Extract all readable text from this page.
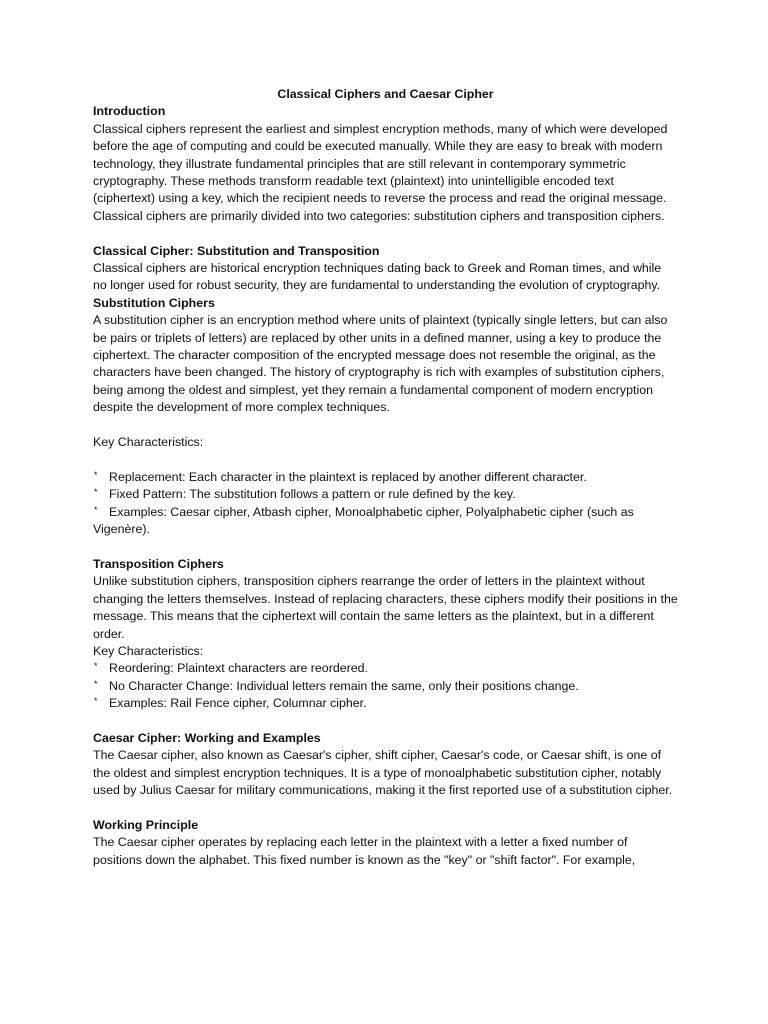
Classical Ciphers and Caesar Cipher

Introduction

Classical ciphers represent the earliest and simplest encryption methods, many of which were developed before the age of computing and could be executed manually. While they are easy to break with modern technology, they illustrate fundamental principles that are still relevant in contemporary symmetric cryptography. These methods transform readable text (plaintext) into unintelligible encoded text (ciphertext) using a key, which the recipient needs to reverse the process and read the original message. Classical ciphers are primarily divided into two categories: substitution ciphers and transposition ciphers.

Classical Cipher: Substitution and Transposition

Classical ciphers are historical encryption techniques dating back to Greek and Roman times, and while no longer used for robust security, they are fundamental to understanding the evolution of cryptography.

Substitution Ciphers

A substitution cipher is an encryption method where units of plaintext (typically single letters, but can also be pairs or triplets of letters) are replaced by other units in a defined manner, using a key to produce the ciphertext. The character composition of the encrypted message does not resemble the original, as the characters have been changed. The history of cryptography is rich with examples of substitution ciphers, being among the oldest and simplest, yet they remain a fundamental component of modern encryption despite the development of more complex techniques.

Key Characteristics:

* Replacement: Each character in the plaintext is replaced by another different character.
* Fixed Pattern: The substitution follows a pattern or rule defined by the key.
* Examples: Caesar cipher, Atbash cipher, Monoalphabetic cipher, Polyalphabetic cipher (such as Vigenère).
Transposition Ciphers

Unlike substitution ciphers, transposition ciphers rearrange the order of letters in the plaintext without changing the letters themselves. Instead of replacing characters, these ciphers modify their positions in the message. This means that the ciphertext will contain the same letters as the plaintext, but in a different order.

Key Characteristics:

* Reordering: Plaintext characters are reordered.
* No Character Change: Individual letters remain the same, only their positions change.
* Examples: Rail Fence cipher, Columnar cipher.
Caesar Cipher: Working and Examples

The Caesar cipher, also known as Caesar's cipher, shift cipher, Caesar's code, or Caesar shift, is one of the oldest and simplest encryption techniques. It is a type of monoalphabetic substitution cipher, notably used by Julius Caesar for military communications, making it the first reported use of a substitution cipher.

Working Principle

The Caesar cipher operates by replacing each letter in the plaintext with a letter a fixed number of positions down the alphabet. This fixed number is known as the "key" or "shift factor". For example,
